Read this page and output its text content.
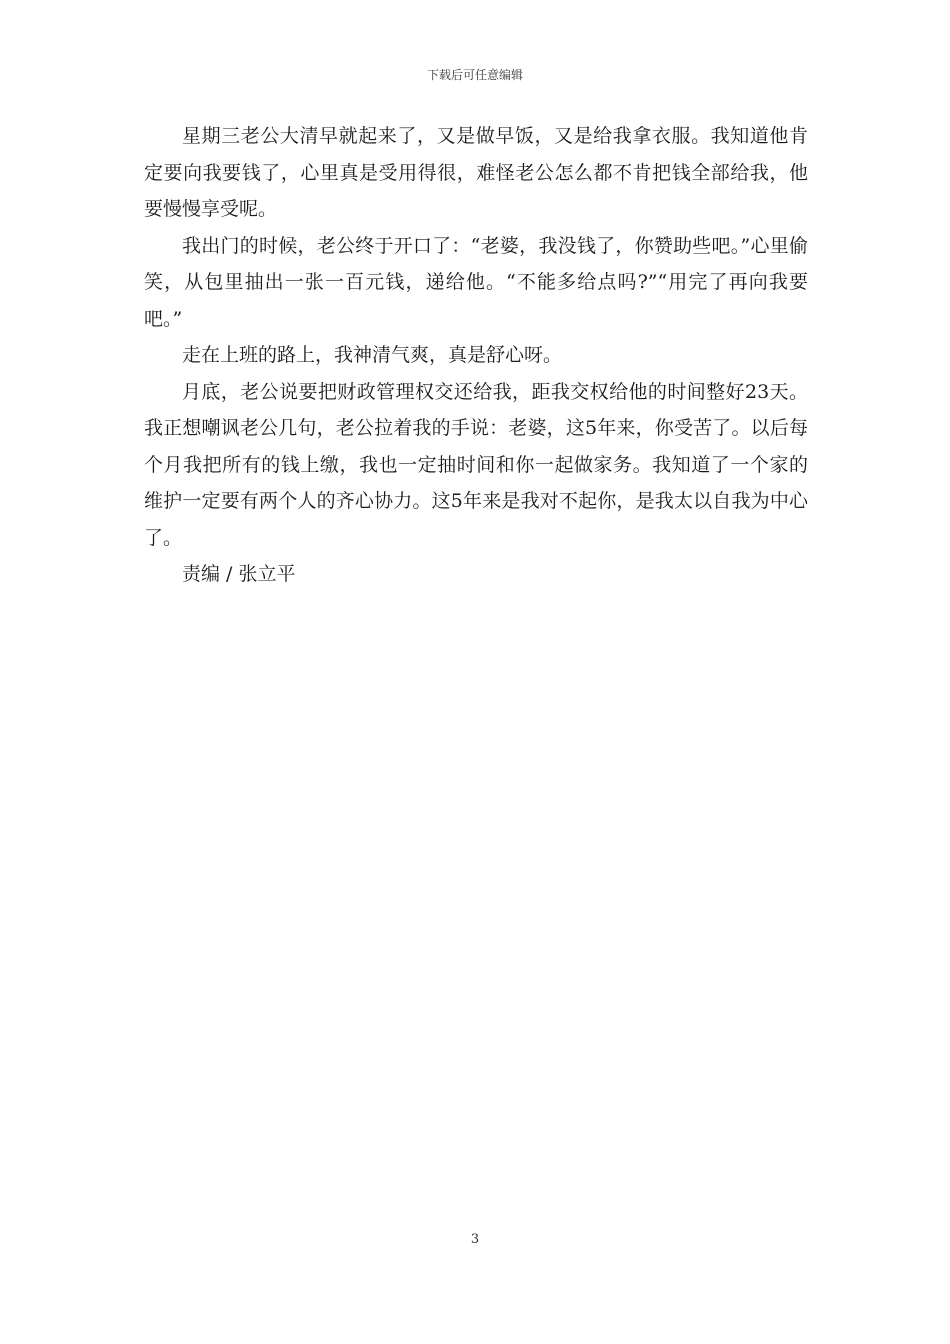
下载后可任意编辑

星期三老公大清早就起来了，又是做早饭，又是给我拿衣服。我知道他肯定要向我要钱了，心里真是受用得很，难怪老公怎么都不肯把钱全部给我，他要慢慢享受呢。

我出门的时候，老公终于开口了：“老婆，我没钱了，你赞助些吧。”心里偷笑，从包里抽出一张一百元钱，递给他。“不能多给点吗?”“用完了再向我要吧。”

走在上班的路上，我神清气爽，真是舒心呀。

月底，老公说要把财政管理权交还给我，距我交权给他的时间整好23天。我正想嘲讽老公几句，老公拉着我的手说：老婆，这5年来，你受苦了。以后每个月我把所有的钱上缴，我也一定抽时间和你一起做家务。我知道了一个家的维护一定要有两个人的齐心协力。这5年来是我对不起你，是我太以自我为中心了。

责编 / 张立平

3
